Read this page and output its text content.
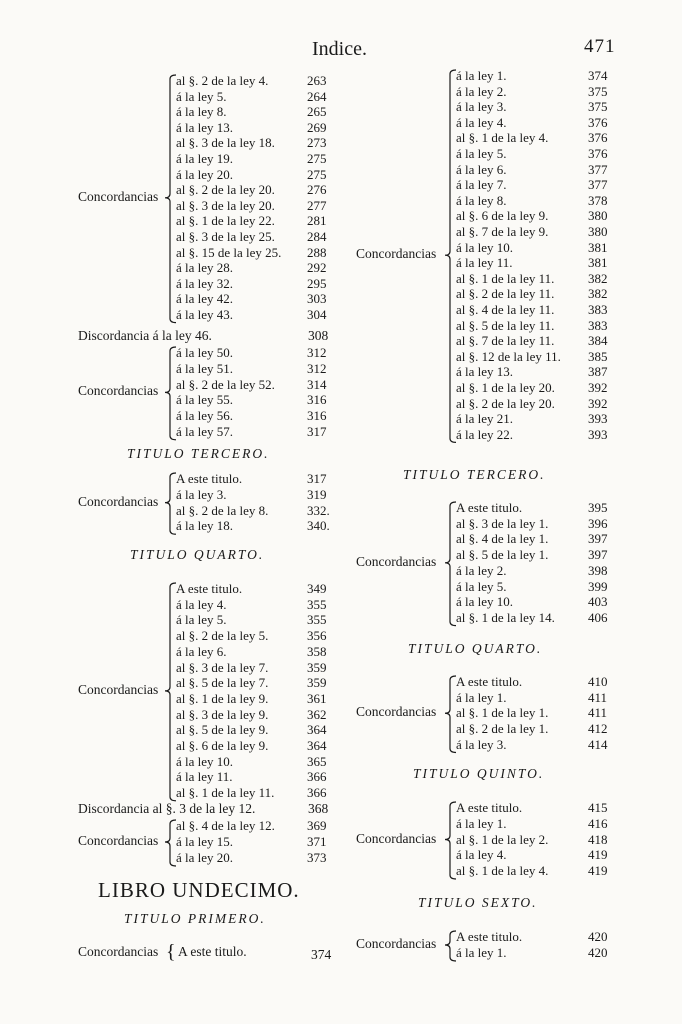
Indice.	471
al §. 2 de la ley 4.	263
á la ley 5.	264
á la ley 8.	265
á la ley 13.	269
al §. 3 de la ley 18. 273
á la ley 19.	275
á la ley 20.	275
al §. 2 de la ley 20. 276
al §. 3 de la ley 20. 277
al §. 1 de la ley 22. 281
al §. 3 de la ley 25. 284
al §. 15 de la ley 25. 288
á la ley 28.	292
á la ley 32.	295
á la ley 42.	303
á la ley 43.	304
Concordancias
Discordancia á la ley 46.	308
á la ley 50.	312
á la ley 51.	312
al §. 2 de la ley 52. 314
á la ley 55.	316
á la ley 56.	316
á la ley 57.	317
Concordancias
TITULO TERCERO.
A este titulo.	317
á la ley 3.	319
al §. 2 de la ley 8.	332.
á la ley 18.	340.
Concordancias
TITULO QUARTO.
A este titulo.	349
á la ley 4.	355
á la ley 5.	355
al §. 2 de la ley 5.	356
á la ley 6.	358
al §. 3 de la ley 7.	359
al §. 5 de la ley 7.	359
al §. 1 de la ley 9.	361
al §. 3 de la ley 9.	362
al §. 5 de la ley 9.	364
al §. 6 de la ley 9.	364
á la ley 10.	365
á la ley 11.	366
al §. 1 de la ley 11.	366
Concordancias
Discordancia al §. 3 de la ley 12.	368
al §. 4 de la ley 12. 369
á la ley 15.	371
á la ley 20.	373
Concordancias
LIBRO UNDECIMO.
TITULO PRIMERO.
Concordancias { A este titulo.	374
á la ley 1.	374
á la ley 2.	375
á la ley 3.	375
á la ley 4.	376
al §. 1 de la ley 4.	376
á la ley 5.	376
á la ley 6.	377
á la ley 7.	377
á la ley 8.	378
al §. 6 de la ley 9.	380
al §. 7 de la ley 9.	380
á la ley 10.	381
á la ley 11.	381
al §. 1 de la ley 11.	382
al §. 2 de la ley 11.	382
al §. 4 de la ley 11.	383
al §. 5 de la ley 11.	383
al §. 7 de la ley 11.	384
al §. 12 de la ley 11. 385
á la ley 13.	387
al §. 1 de la ley 20.	392
al §. 2 de la ley 20.	392
á la ley 21.	393
á la ley 22.	393
Concordancias
TITULO TERCERO.
A este titulo.	395
al §. 3 de la ley 1.	396
al §. 4 de la ley 1.	397
al §. 5 de la ley 1.	397
á la ley 2.	398
á la ley 5.	399
á la ley 10.	403
al §. 1 de la ley 14.	406
Concordancias
TITULO QUARTO.
A este titulo.	410
á la ley 1.	411
al §. 1 de la ley 1.	411
al §. 2 de la ley 1.	412
á la ley 3.	414
Concordancias
TITULO QUINTO.
A este titulo.	415
á la ley 1.	416
al §. 1 de la ley 2.	418
á la ley 4.	419
al §. 1 de la ley 4.	419
Concordancias
TITULO SEXTO.
A este titulo.	420
á la ley 1.	420
Concordancias
